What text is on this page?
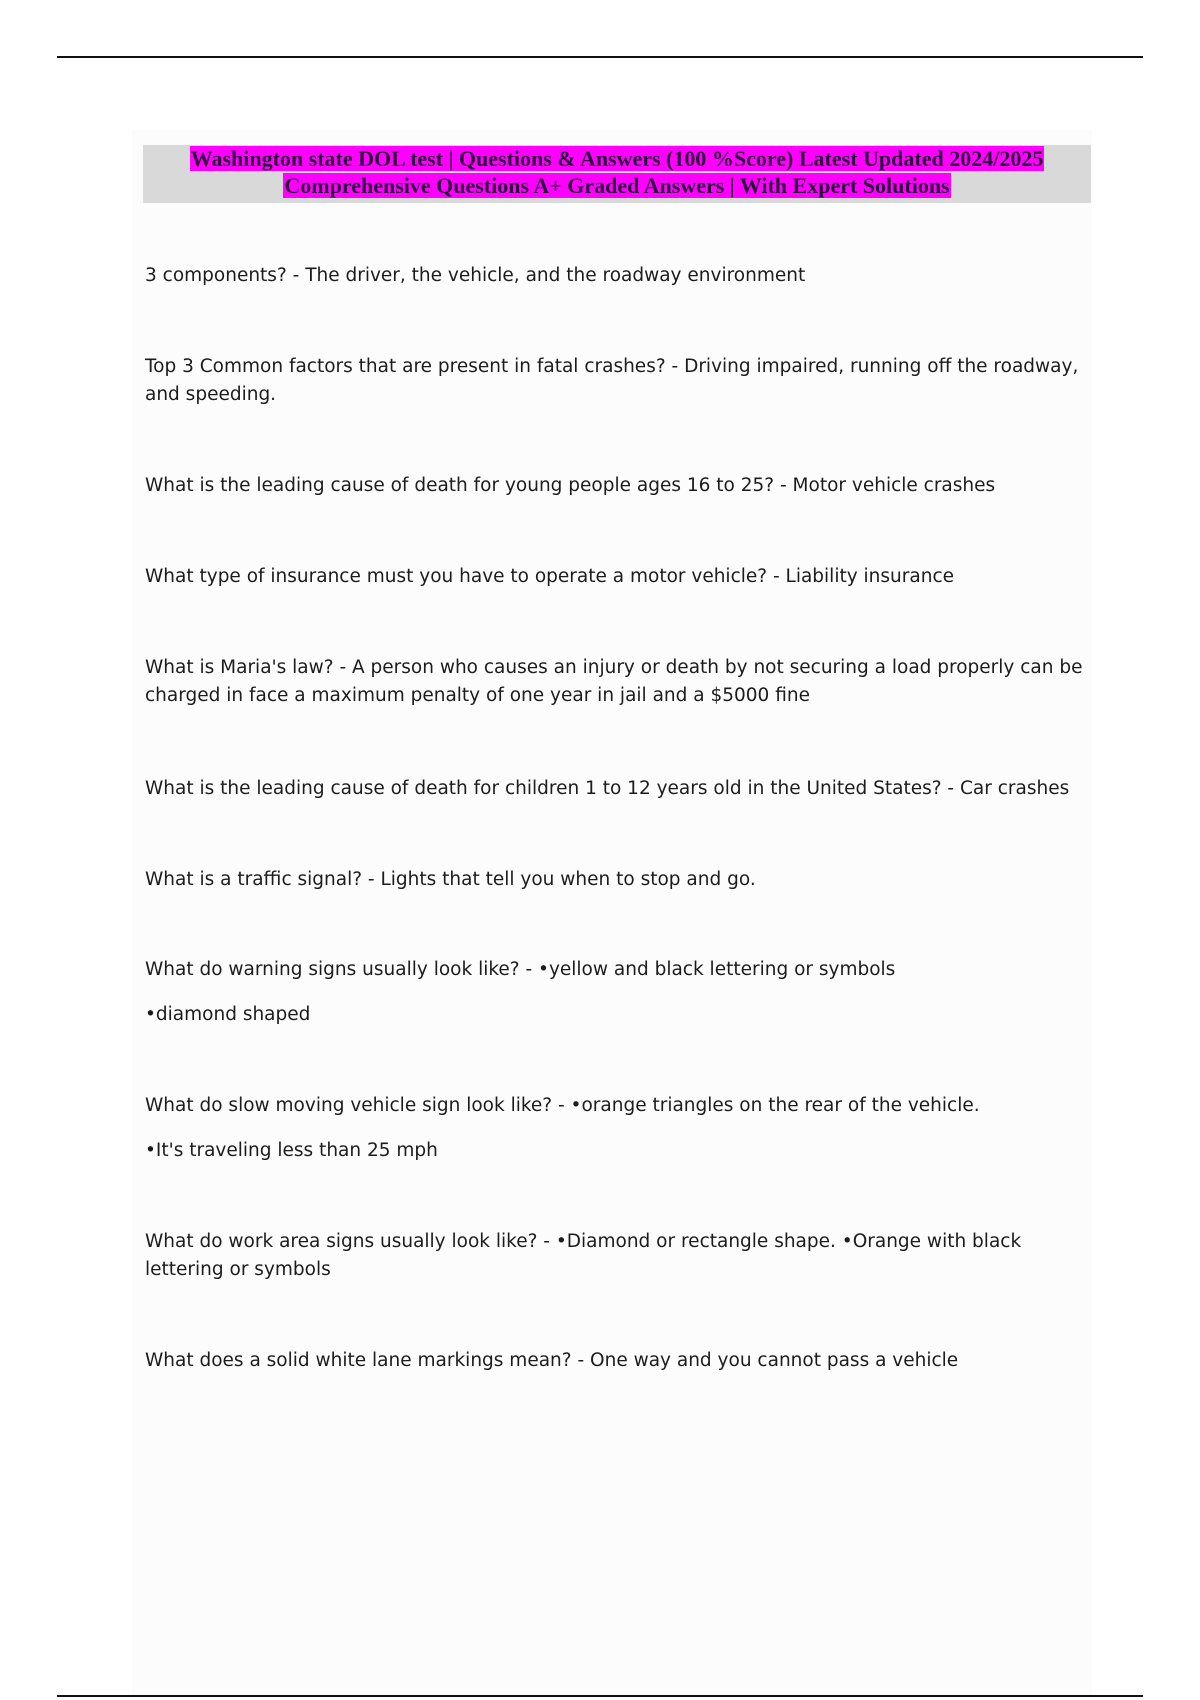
Washington state DOL test | Questions & Answers (100 %Score) Latest Updated 2024/2025
Comprehensive Questions A+ Graded Answers | With Expert Solutions

3 components? - The driver, the vehicle, and the roadway environment

Top 3 Common factors that are present in fatal crashes? - Driving impaired, running off the roadway, and speeding.

What is the leading cause of death for young people ages 16 to 25? - Motor vehicle crashes

What type of insurance must you have to operate a motor vehicle? - Liability insurance

What is Maria's law? - A person who causes an injury or death by not securing a load properly can be charged in face a maximum penalty of one year in jail and a $5000 fine

What is the leading cause of death for children 1 to 12 years old in the United States? - Car crashes

What is a traffic signal? - Lights that tell you when to stop and go.

What do warning signs usually look like? - •yellow and black lettering or symbols

•diamond shaped

What do slow moving vehicle sign look like? - •orange triangles on the rear of the vehicle.

•It's traveling less than 25 mph

What do work area signs usually look like? - •Diamond or rectangle shape. •Orange with black lettering or symbols

What does a solid white lane markings mean? - One way and you cannot pass a vehicle
